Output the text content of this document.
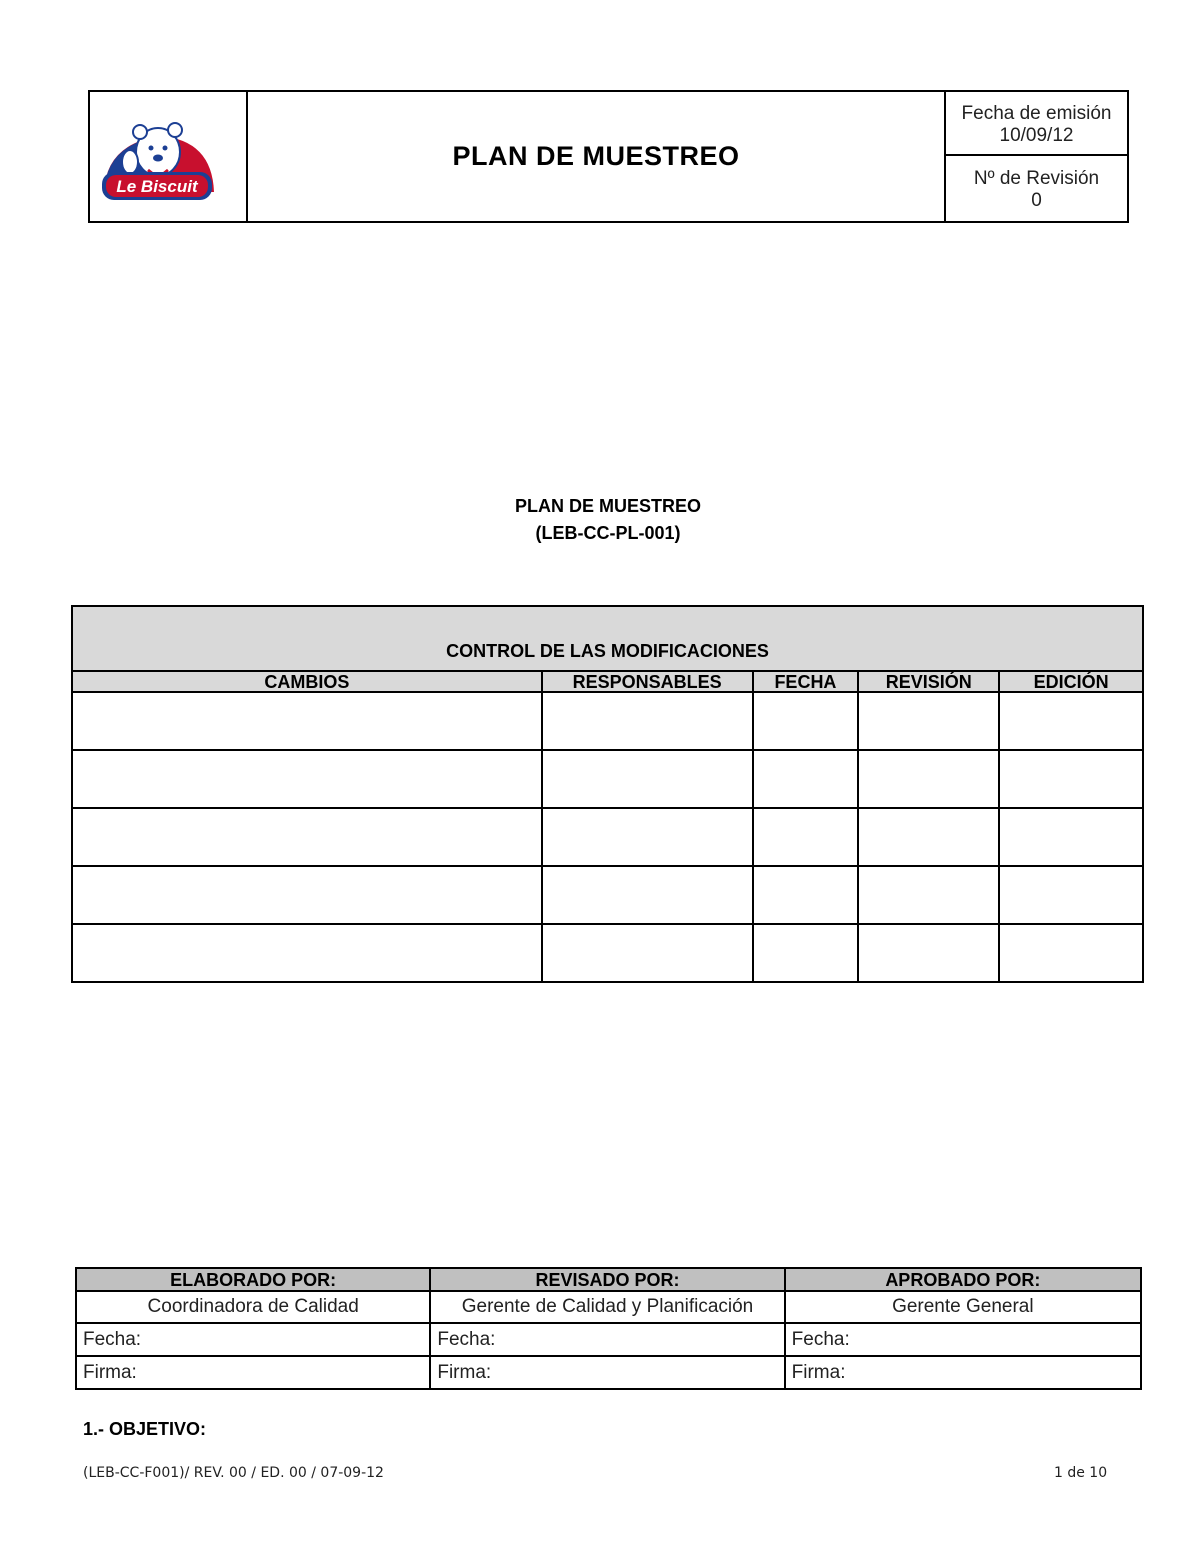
Le Biscuit
PLAN DE MUESTREO
Fecha de emisión
10/09/12
Nº de Revisión
0
PLAN DE MUESTREO
(LEB-CC-PL-001)
CONTROL DE LAS MODIFICACIONES				
CAMBIOS	RESPONSABLES	FECHA	REVISIÓN	EDICIÓN

ELABORADO POR:	REVISADO POR:	APROBADO POR:
Coordinadora de Calidad	Gerente de Calidad y Planificación	Gerente General
Fecha:	Fecha:	Fecha:
Firma:	Firma:	Firma:
1.- OBJETIVO:
(LEB-CC-F001)/ REV. 00 / ED. 00 / 07-09-12	1 de 10
